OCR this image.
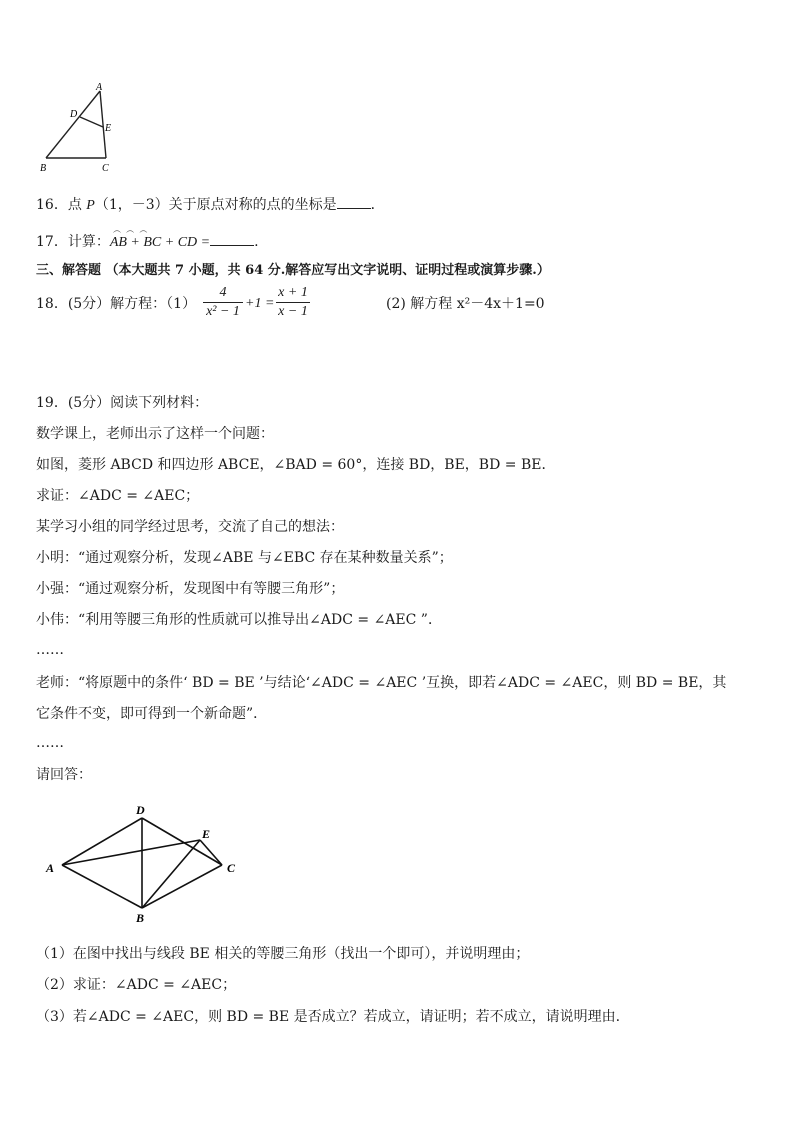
A
D
E
B	C
16．点 P（1，－3）关于原点对称的点的坐标是 ．
︵    ︵    ︵
17．计算：AB + BC + CD =	.
三、解答题 （本大题共 7 小题，共 64 分.解答应写出文字说明、证明过程或演算步骤.）
18．(5分）解方程：（1）
4
x² − 1
+1 =
x + 1
x − 1	(2) 解方程 x²－4x＋1=0
19．(5分）阅读下列材料：
数学课上，老师出示了这样一个问题：
如图，菱形 ABCD 和四边形 ABCE，∠BAD = 60°，连接 BD，BE，BD = BE．
求证：∠ADC = ∠AEC；
某学习小组的同学经过思考，交流了自己的想法：
小明：“通过观察分析，发现∠ABE 与∠EBC 存在某种数量关系”；
小强：“通过观察分析，发现图中有等腰三角形”；
小伟：“利用等腰三角形的性质就可以推导出∠ADC = ∠AEC ”．
……
老师：“将原题中的条件‘ BD = BE ’与结论‘∠ADC = ∠AEC ’互换，即若∠ADC = ∠AEC，则 BD = BE，其
它条件不变，即可得到一个新命题”．
……
请回答：
D
E
A	C
B
（1）在图中找出与线段 BE 相关的等腰三角形（找出一个即可），并说明理由；
（2）求证：∠ADC = ∠AEC；
（3）若∠ADC = ∠AEC，则 BD = BE 是否成立？若成立，请证明；若不成立，请说明理由.
